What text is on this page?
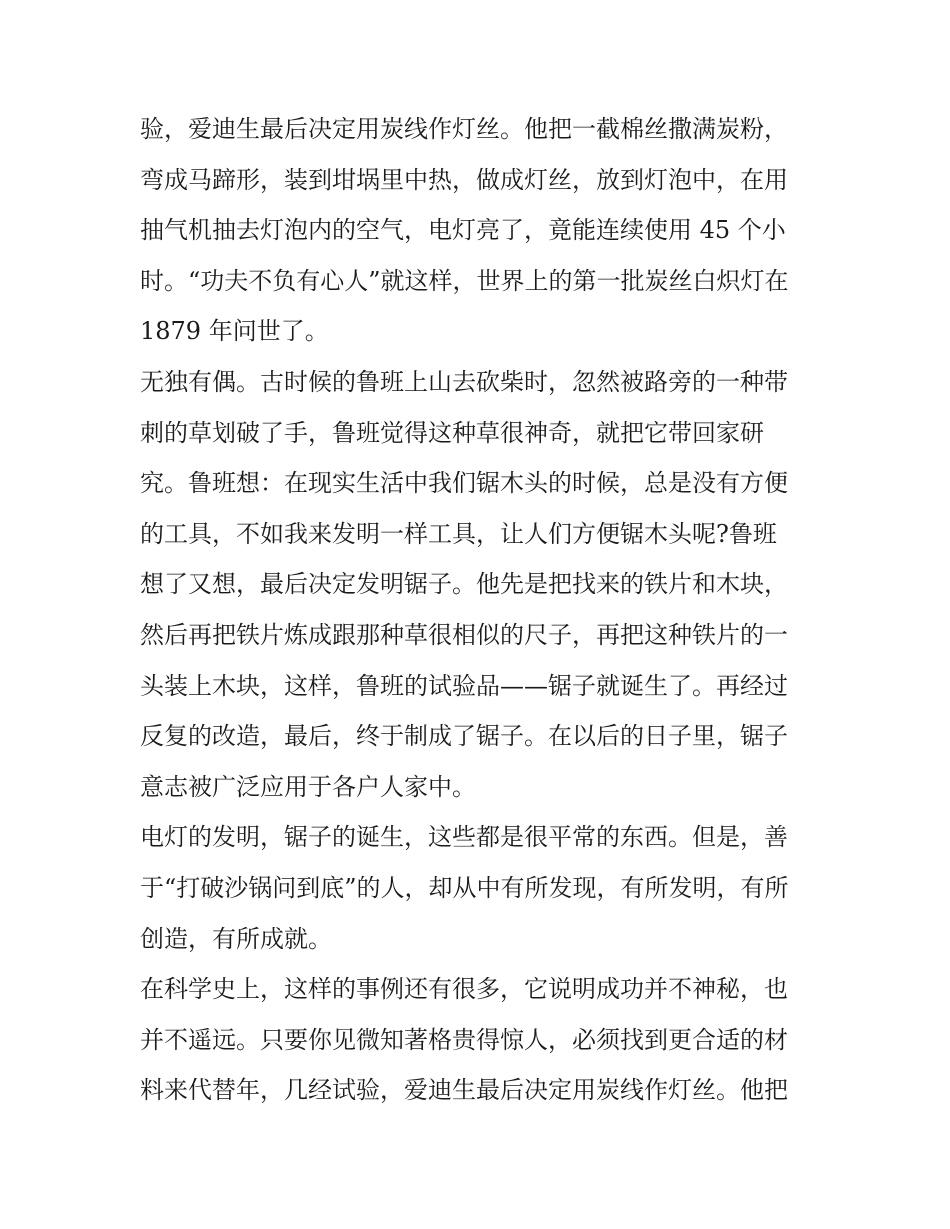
验，爱迪生最后决定用炭线作灯丝。他把一截棉丝撒满炭粉，
弯成马蹄形，装到坩埚里中热，做成灯丝，放到灯泡中，在用
抽气机抽去灯泡内的空气，电灯亮了，竟能连续使用 45 个小
时。“功夫不负有心人”就这样，世界上的第一批炭丝白炽灯在
1879 年问世了。
无独有偶。古时候的鲁班上山去砍柴时，忽然被路旁的一种带
刺的草划破了手，鲁班觉得这种草很神奇，就把它带回家研
究。鲁班想：在现实生活中我们锯木头的时候，总是没有方便
的工具，不如我来发明一样工具，让人们方便锯木头呢?鲁班
想了又想，最后决定发明锯子。他先是把找来的铁片和木块，
然后再把铁片炼成跟那种草很相似的尺子，再把这种铁片的一
头装上木块，这样，鲁班的试验品——锯子就诞生了。再经过
反复的改造，最后，终于制成了锯子。在以后的日子里，锯子
意志被广泛应用于各户人家中。
电灯的发明，锯子的诞生，这些都是很平常的东西。但是，善
于“打破沙锅问到底”的人，却从中有所发现，有所发明，有所
创造，有所成就。
在科学史上，这样的事例还有很多，它说明成功并不神秘，也
并不遥远。只要你见微知著格贵得惊人，必须找到更合适的材
料来代替年，几经试验，爱迪生最后决定用炭线作灯丝。他把
